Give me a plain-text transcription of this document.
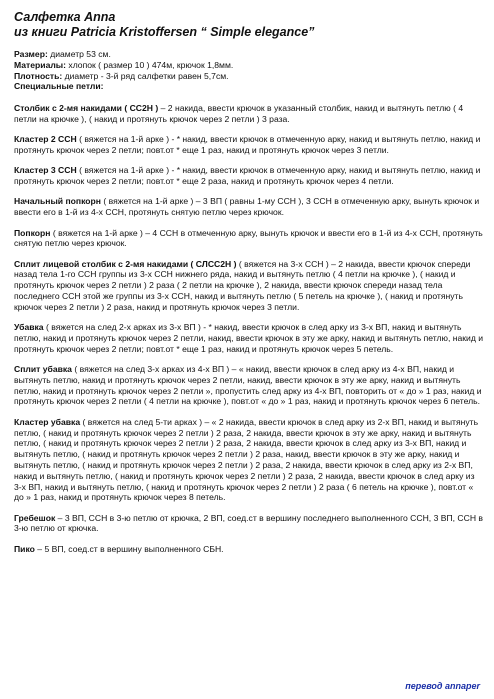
Салфетка Anna
из книги Patricia Kristoffersen “ Simple elegance”
Размер: диаметр 53 см.
Материалы: хлопок ( размер 10 ) 474м, крючок 1,8мм.
Плотность: диаметр - 3-й ряд салфетки равен 5,7см.
Специальные петли:

Столбик с 2-мя накидами ( СС2Н ) – 2 накида, ввести крючок в указанный столбик, накид и вытянуть петлю ( 4 петли на крючке ), ( накид и протянуть крючок через 2 петли ) 3 раза.

Кластер 2 ССН ( вяжется на 1-й арке ) - * накид, ввести крючок в отмеченную арку, накид и вытянуть петлю, накид и протянуть крючок через 2 петли; повт.от * еще 1 раз, накид и протянуть крючок через 3 петли.

Кластер 3 ССН ( вяжется на 1-й арке ) - * накид, ввести крючок в отмеченную арку, накид и вытянуть петлю, накид и протянуть крючок через 2 петли; повт.от * еще 2 раза, накид и протянуть крючок через 4 петли.

Начальный попкорн ( вяжется на 1-й арке ) – 3 ВП ( равны 1-му ССН ), 3 ССН в отмеченную арку, вынуть крючок и ввести его в 1-й из 4-х ССН, протянуть снятую петлю через крючок.

Попкорн ( вяжется на 1-й арке ) – 4 ССН в отмеченную арку, вынуть крючок и ввести его в 1-й из 4-х ССН, протянуть снятую петлю через крючок.

Сплит лицевой столбик с 2-мя накидами ( СЛСС2Н ) ( вяжется на 3-х ССН ) – 2 накида, ввести крючок спереди назад тела 1-го ССН группы из 3-х ССН нижнего ряда, накид и вытянуть петлю ( 4 петли на крючке ), ( накид и протянуть крючок через 2 петли ) 2 раза ( 2 петли на крючке ), 2 накида, ввести крючок спереди назад тела последнего ССН этой же группы из 3-х ССН, накид и вытянуть петлю ( 5 петель на крючке ), ( накид и протянуть крючок через 2 петли ) 2 раза, накид и протянуть крючок через 3 петли.

Убавка ( вяжется на след 2-х арках из 3-х ВП ) - * накид, ввести крючок в след арку из 3-х ВП, накид и вытянуть петлю, накид и протянуть крючок через 2 петли, накид, ввести крючок в эту же арку, накид и вытянуть петлю, накид и протянуть крючок через 2 петли; повт.от * еще 1 раз, накид и протянуть крючок через 5 петель.

Сплит убавка ( вяжется на след 3-х арках из 4-х ВП ) – « накид, ввести крючок в след арку из 4-х ВП, накид и вытянуть петлю, накид и протянуть крючок через 2 петли, накид, ввести крючок в эту же арку, накид и вытянуть петлю, накид и протянуть крючок через 2 петли », пропустить след арку из 4-х ВП, повторить от « до » 1 раз, накид и протянуть крючок через 2 петли ( 4 петли на крючке ), повт.от « до » 1 раз, накид и протянуть крючок через 6 петель.

Кластер убавка ( вяжется на след 5-ти арках ) – « 2 накида, ввести крючок в след арку из 2-х ВП, накид и вытянуть петлю, ( накид и протянуть крючок через 2 петли ) 2 раза, 2 накида, ввести крючок в эту же арку, накид и вытянуть петлю, ( накид и протянуть крючок через 2 петли ) 2 раза, 2 накида, ввести крючок в след арку из 3-х ВП, накид и вытянуть петлю, ( накид и протянуть крючок через 2 петли ) 2 раза, накид, ввести крючок в эту же арку, накид и вытянуть петлю, ( накид и протянуть крючок через 2 петли ) 2 раза, 2 накида, ввести крючок в след арку из 2-х ВП, накид и вытянуть петлю, ( накид и протянуть крючок через 2 петли ) 2 раза, 2 накида, ввести крючок в след арку из 3-х ВП, накид и вытянуть петлю, ( накид и протянуть крючок через 2 петли ) 2 раза ( 6 петель на крючке ), повт.от « до » 1 раз, накид и протянуть крючок через 8 петель.

Гребешок – 3 ВП, ССН в 3-ю петлю от крючка, 2 ВП, соед.ст в вершину последнего выполненного ССН, 3 ВП, ССН в 3-ю петлю от крючка.

Пико – 5 ВП, соед.ст в вершину выполненного СБН.

перевод annaper
